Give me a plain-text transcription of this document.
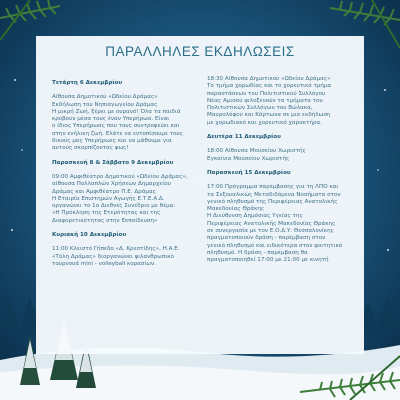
ΠΑΡΑΛΛΗΛΕΣ ΕΚΔΗΛΩΣΕΙΣ

Τετάρτη 6 Δεκεμβρίου

Αίθουσα Δημοτικού «Ωδείου Δράμας»

Εκδήλωση του Νηπιαγωγείου Δράμας

Η μικρή Ζωή, ξέρει με ουρανό! Όλα τα παιδιά

κρύβουν μέσα τους έναν Υπερήρωα. Είναι

ο ίδιος Υπερήρωας που τους συντροφεύει και

στην ενήλικη ζωή. Ελάτε να εντοπίσουμε τους

δικούς μας Υπερήρωες και να μάθουμε για

αυτούς σκορπίζοντας φως!

Παρασκευή 8 & Σάββατο 9 Δεκεμβρίου

09:00 Αμφιθέατρο Δημοτικού «Ωδείου Δράμας»,

αίθουσα Πολλαπλών Χρήσεων Δημαρχείου

Δράμας και Αμφιθέατρο Π.Ε. Δράμας

Η Εταιρία Επιστημών Αγωγής Ε.Τ.Ε.Α.Δ.

οργανώνει το 1ο Διεθνές Συνέδριο με θέμα:

«Η Πρόκληση της Ετερότητας και της

Διαφορετικότητας στην Εκπαίδευση»

Κυριακή 10 Δεκεμβρίου

11:00 Κλειστό Γήπεδο «Δ. Κρεστίδης», Η.Α.Ε.

«Τόλη Δράμας» διοργανώνει φιλανθρωπικό

τουρνουά mini - volleyball κορασίων.

18:30 Αίθουσα Δημοτικού «Ωδείου Δράμας»

Το τμήμα χορωδίας και το χορευτικό τμήμα

παραστάσεων του Πολιτιστικού Συλλόγου

Νέας Αμισού φιλοξενούν τα τμήματα του

Πολιτιστικών Συλλόγων του Βώλακα,

Μαυρολόφου και Κάρτωνα σε μια εκδήλωση

με χορωδιακό και χορευτικό χαρακτήρα.

Δευτέρα 11 Δεκεμβρίου

18:00 Αίθουσα Μουσείου Χωριστής

Εγκαίνια Μουσείου Χωριστής

Παρασκευή 15 Δεκεμβρίου

17:00 Πρόγραμμα παρέμβασης για τη ΛΠΟ και

τα Σεξουαλικώς Μεταδιδόμενα Νοσήματα στον

γενικό πληθυσμό της Περιφέρειας Ανατολικής

Μακεδονίας Θράκης

Η Διεύθυνση Δημόσιας Υγείας της

Περιφέρειας Ανατολικής Μακεδονίας Θράκης

σε συνεργασία με τον Ε.Ο.Δ.Υ. Θεσσαλονίκης

πραγματοποιούν δράση - παρέμβαση στον

γενικό πληθυσμό και ειδικότερα στον φοιτητικό

πληθυσμό. Η δράση - παρέμβαση θα

πραγματοποιηθεί 17:00 με 21:00 με κινητή
